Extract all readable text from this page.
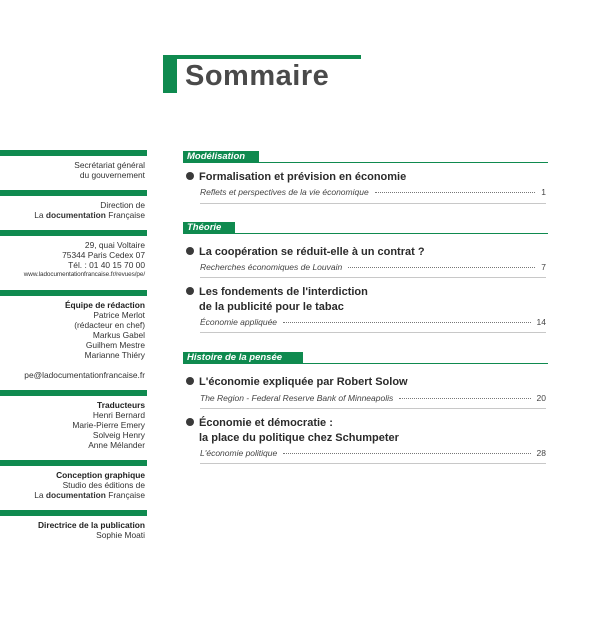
Sommaire
Secrétariat général
du gouvernement
Direction de
La documentation Française
29, quai Voltaire
75344 Paris Cedex 07
Tél. : 01 40 15 70 00
www.ladocumentationfrancaise.fr/revues/pe/
Équipe de rédaction
Patrice Merlot
(rédacteur en chef)
Markus Gabel
Guilhem Mestre
Marianne Thiéry
pe@ladocumentationfrancaise.fr
Traducteurs
Henri Bernard
Marie-Pierre Emery
Solveig Henry
Anne Mélander
Conception graphique
Studio des éditions de
La documentation Française
Directrice de la publication
Sophie Moati
Modélisation
Formalisation et prévision en économie
Reflets et perspectives de la vie économique	1
Théorie
La coopération se réduit-elle à un contrat ?
Recherches économiques de Louvain	7
Les fondements de l'interdiction
de la publicité pour le tabac
Économie appliquée	14
Histoire de la pensée
L'économie expliquée par Robert Solow
The Region - Federal Reserve Bank of Minneapolis	20
Économie et démocratie :
la place du politique chez Schumpeter
L'économie politique	28
